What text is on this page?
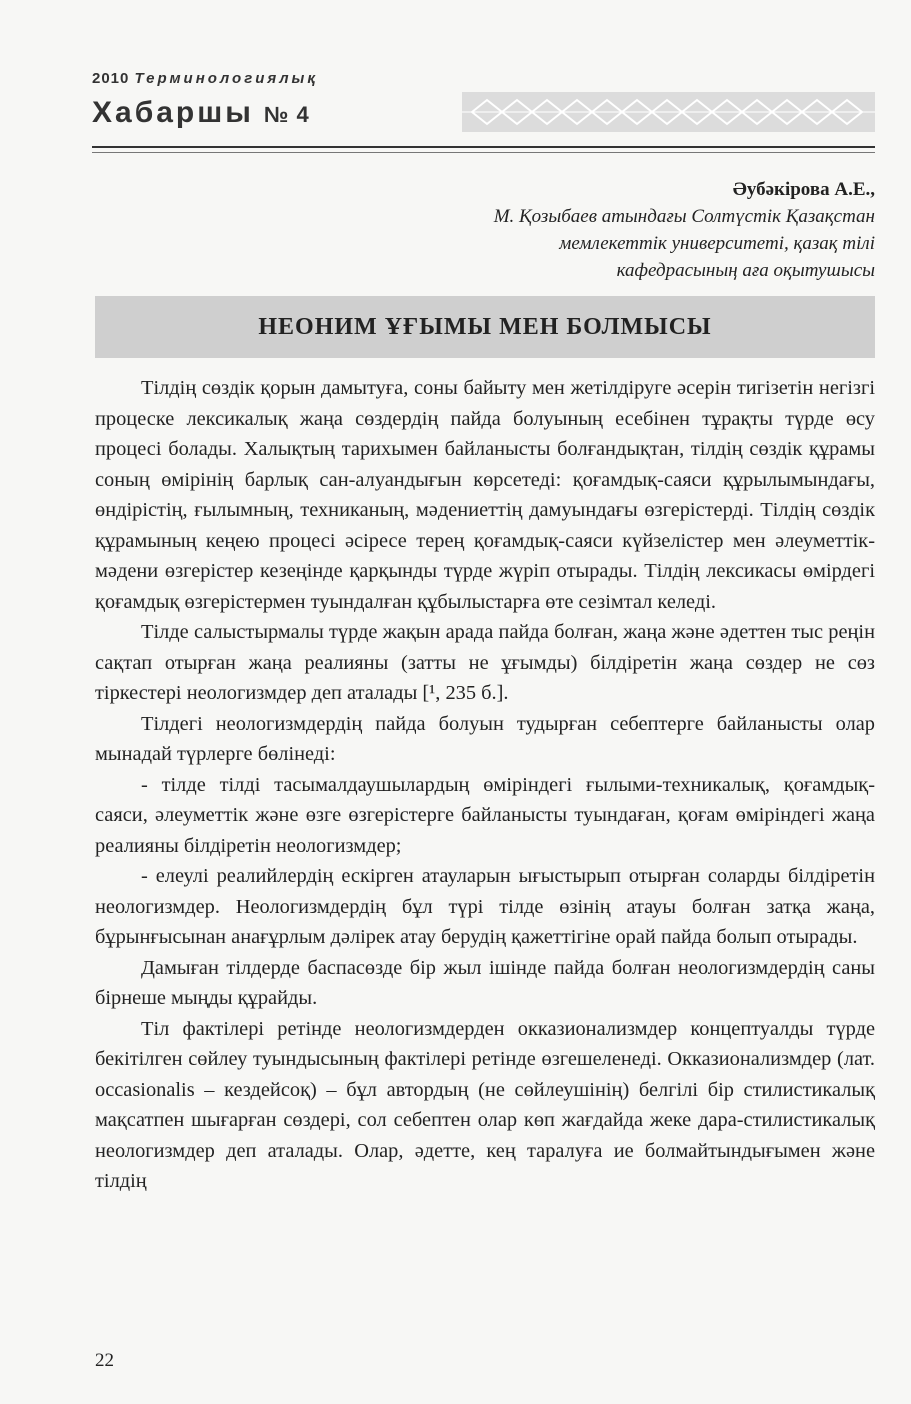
2010 Терминологиялық
Хабаршы № 4
Әубәкірова А.Е.,
М. Қозыбаев атындағы Солтүстік Қазақстан
мемлекеттік университеті, қазақ тілі
кафедрасының аға оқытушысы
НЕОНИМ ҰҒЫМЫ МЕН БОЛМЫСЫ

Тілдің сөздік қорын дамытуға, соны байыту мен жетілдіруге әсерін тигізетін негізгі процеске лексикалық жаңа сөздердің пайда болуының есебінен тұрақты түрде өсу процесі болады. Халықтың тарихымен байланысты болғандықтан, тілдің сөздік құрамы соның өмірінің барлық сан-алуандығын көрсетеді: қоғамдық-саяси құрылымындағы, өндірістің, ғылымның, техниканың, мәдениеттің дамуындағы өзгерістерді. Тілдің сөздік құрамының кеңею процесі әсіресе терең қоғамдық-саяси күйзелістер мен әлеуметтік-мәдени өзгерістер кезеңінде қарқынды түрде жүріп отырады. Тілдің лексикасы өмірдегі қоғамдық өзгерістермен туындалған құбылыстарға өте сезімтал келеді.

Тілде салыстырмалы түрде жақын арада пайда болған, жаңа және әдеттен тыс реңін сақтап отырған жаңа реалияны (затты не ұғымды) білдіретін жаңа сөздер не сөз тіркестері неологизмдер деп аталады [¹, 235 б.].

Тілдегі неологизмдердің пайда болуын тудырған себептерге байланысты олар мынадай түрлерге бөлінеді:

- тілде тілді тасымалдаушылардың өміріндегі ғылыми-техникалық, қоғамдық-саяси, әлеуметтік және өзге өзгерістерге байланысты туындаған, қоғам өміріндегі жаңа реалияны білдіретін неологизмдер;

- елеулі реалийлердің ескірген атауларын ығыстырып отырған соларды білдіретін неологизмдер. Неологизмдердің бұл түрі тілде өзінің атауы болған затқа жаңа, бұрынғысынан анағұрлым дәлірек атау берудің қажеттігіне орай пайда болып отырады.

Дамыған тілдерде баспасөзде бір жыл ішінде пайда болған неологизмдердің саны бірнеше мыңды құрайды.

Тіл фактілері ретінде неологизмдерден окказионализмдер концептуалды түрде бекітілген сөйлеу туындысының фактілері ретінде өзгешеленеді. Окказионализмдер (лат. occasionalis – кездейсоқ) – бұл автордың (не сөйлеушінің) белгілі бір стилистикалық мақсатпен шығарған сөздері, сол себептен олар көп жағдайда жеке дара-стилистикалық неологизмдер деп аталады. Олар, әдетте, кең таралуға ие болмайтындығымен және тілдің

22
